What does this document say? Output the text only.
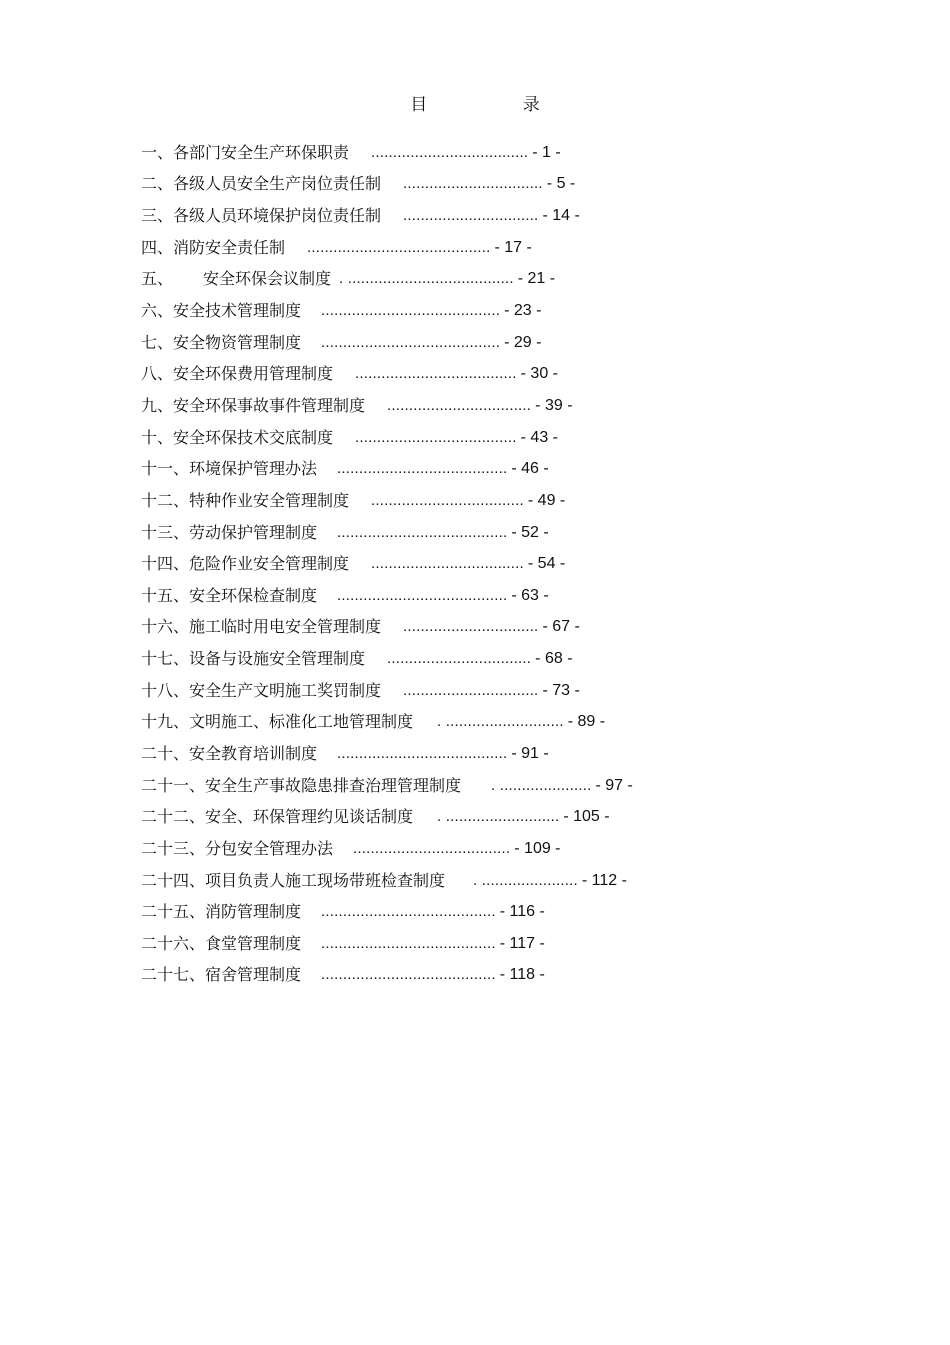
目	录
一、 各部门安全生产环保职责 .................................... - 1 -
二、 各级人员安全生产岗位责任制 ................................ - 5 -
三、 各级人员环境保护岗位责任制 ............................... - 14 -
四、 消防安全责任制 .......................................... - 17 -
五、 安全环保会议制度 . ...................................... - 21 -
六、 安全技术管理制度 ......................................... - 23 -
七、 安全物资管理制度 ......................................... - 29 -
八、 安全环保费用管理制度 ..................................... - 30 -
九、 安全环保事故事件管理制度 ................................. - 39 -
十、 安全环保技术交底制度 ..................................... - 43 -
十一、 环境保护管理办法 ....................................... - 46 -
十二、 特种作业安全管理制度 ................................... - 49 -
十三、 劳动保护管理制度 ....................................... - 52 -
十四、 危险作业安全管理制度 ................................... - 54 -
十五、 安全环保检查制度 ....................................... - 63 -
十六、 施工临时用电安全管理制度 ............................... - 67 -
十七、 设备与设施安全管理制度 ................................. - 68 -
十八、 安全生产文明施工奖罚制度 ............................... - 73 -
十九、 文明施工、标准化工地管理制度 . ........................... - 89 -
二十、 安全教育培训制度 ....................................... - 91 -
二十一、 安全生产事故隐患排查治理管理制度 . ..................... - 97 -
二十二、 安全、环保管理约见谈话制度 . .......................... - 105 -
二十三、 分包安全管理办法 .................................... - 109 -
二十四、 项目负责人施工现场带班检查制度 . ...................... - 112 -
二十五、 消防管理制度 ........................................ - 116 -
二十六、 食堂管理制度 ........................................ - 117 -
二十七、 宿舍管理制度 ........................................ - 118 -
